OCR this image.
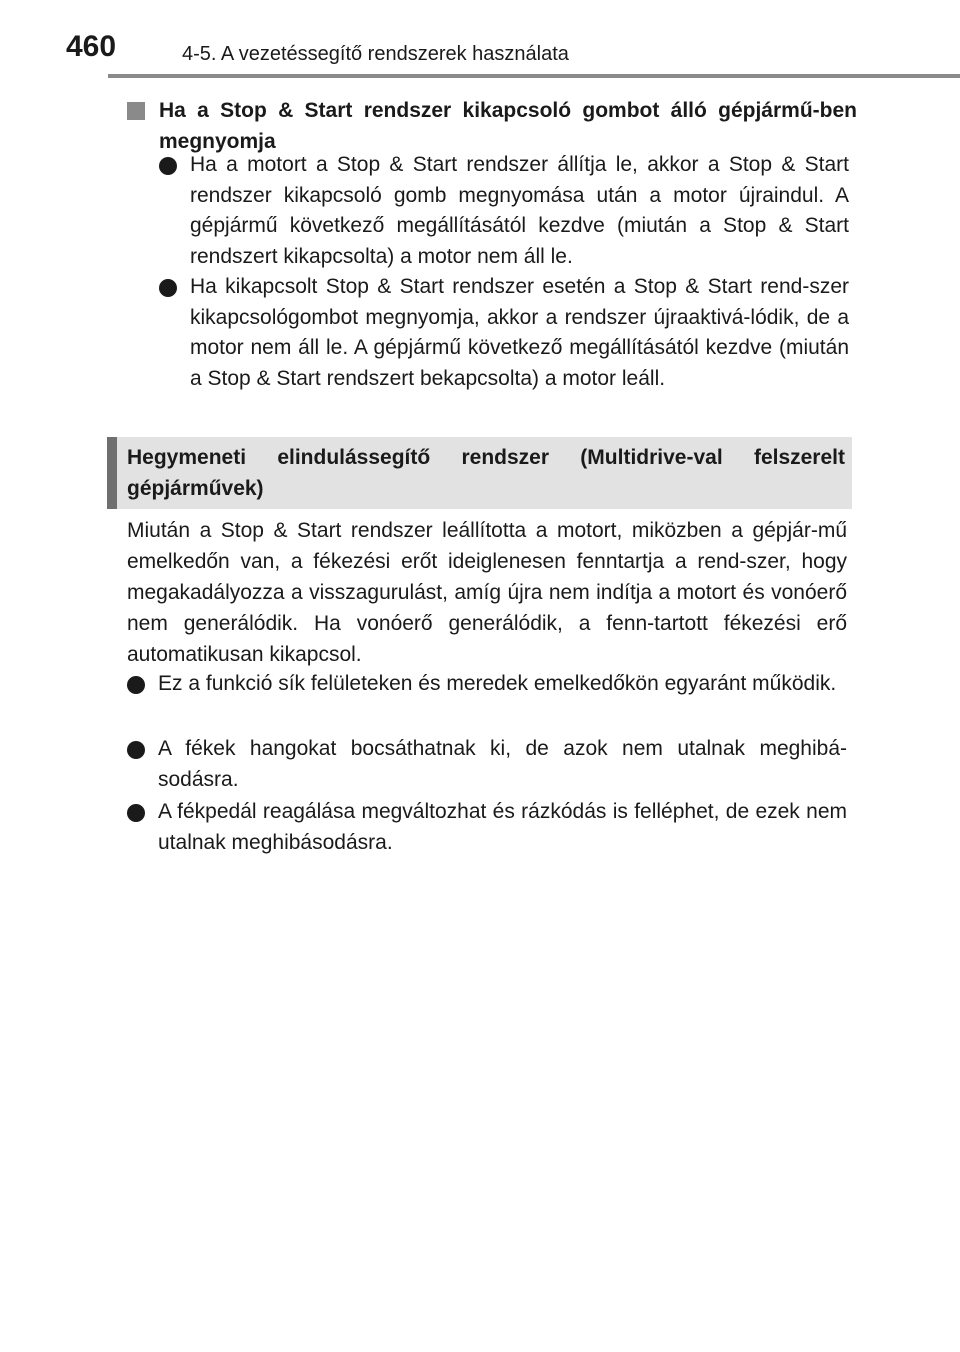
460	4-5. A vezetéssegítő rendszerek használata
Ha a Stop & Start rendszer kikapcsoló gombot álló gépjármű-ben megnyomja
Ha a motort a Stop & Start rendszer állítja le, akkor a Stop & Start rendszer kikapcsoló gomb megnyomása után a motor újraindul. A gépjármű következő megállításától kezdve (miután a Stop & Start rendszert kikapcsolta) a motor nem áll le.
Ha kikapcsolt Stop & Start rendszer esetén a Stop & Start rend-szer kikapcsológombot megnyomja, akkor a rendszer újraaktivá-lódik, de a motor nem áll le. A gépjármű következő megállításától kezdve (miután a Stop & Start rendszert bekapcsolta) a motor leáll.
Hegymeneti elindulássegítő rendszer (Multidrive-val felszerelt gépjárművek)
Miután a Stop & Start rendszer leállította a motort, miközben a gépjár-mű emelkedőn van, a fékezési erőt ideiglenesen fenntartja a rend-szer, hogy megakadályozza a visszagurulást, amíg újra nem indítja a motort és vonóerő nem generálódik. Ha vonóerő generálódik, a fenn-tartott fékezési erő automatikusan kikapcsol.
Ez a funkció sík felületeken és meredek emelkedőkön egyaránt működik.
A fékek hangokat bocsáthatnak ki, de azok nem utalnak meghibá-sodásra.
A fékpedál reagálása megváltozhat és rázkódás is felléphet, de ezek nem utalnak meghibásodásra.
